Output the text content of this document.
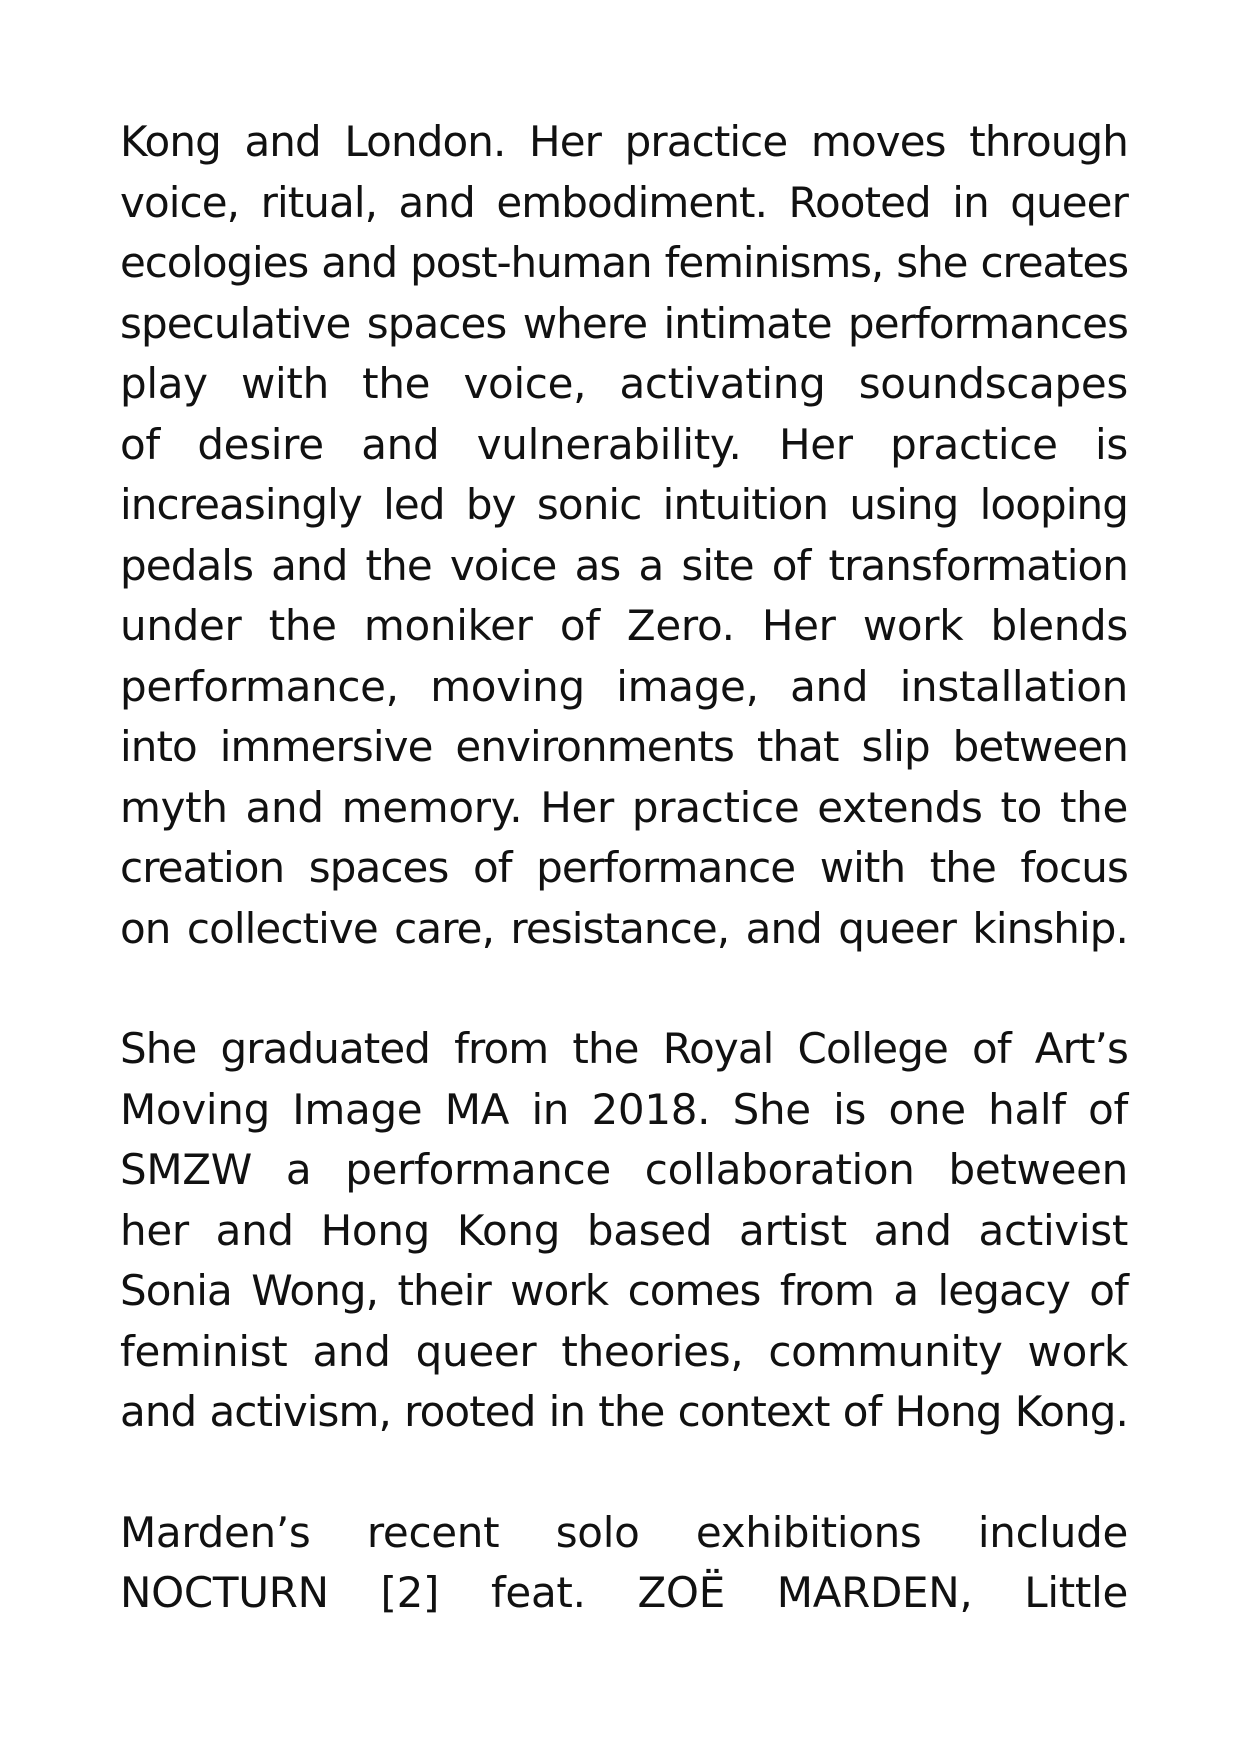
Kong and London. Her practice moves through
voice, ritual, and embodiment. Rooted in queer
ecologies and post-human feminisms, she creates
speculative spaces where intimate performances
play with the voice, activating soundscapes
of desire and vulnerability. Her practice is
increasingly led by sonic intuition using looping
pedals and the voice as a site of transformation
under the moniker of Zero. Her work blends
performance, moving image, and installation
into immersive environments that slip between
myth and memory. Her practice extends to the
creation spaces of performance with the focus
on collective care, resistance, and queer kinship.
She graduated from the Royal College of Art’s
Moving Image MA in 2018. She is one half of
SMZW a performance collaboration between
her and Hong Kong based artist and activist
Sonia Wong, their work comes from a legacy of
feminist and queer theories, community work
and activism, rooted in the context of Hong Kong.
Marden’s recent solo exhibitions include
NOCTURN [2] feat. ZOË MARDEN, Little
